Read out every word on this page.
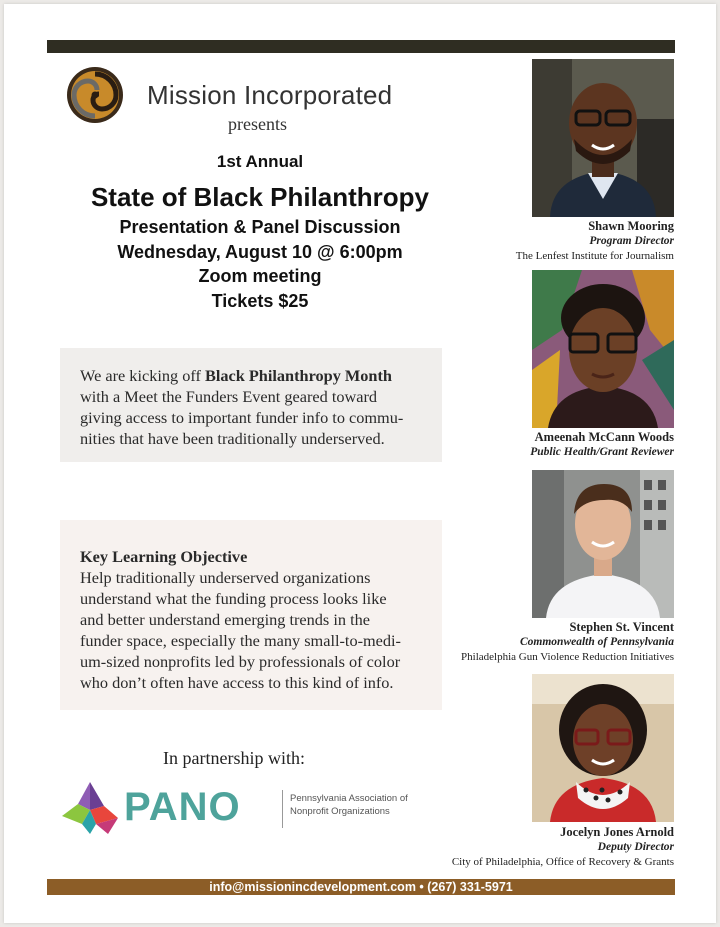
Mission Incorporated
presents
1st Annual
State of Black Philanthropy
Presentation & Panel Discussion
Wednesday, August 10 @ 6:00pm
Zoom meeting
Tickets $25
We are kicking off Black Philanthropy Month
with a Meet the Funders Event geared toward
giving access to important funder info to commu-
nities that have been traditionally underserved.
Key Learning Objective
Help traditionally underserved organizations
understand what the funding process looks like
and better understand emerging trends in the
funder space, especially the many small-to-medi-
um-sized nonprofits led by professionals of color
who don’t often have access to this kind of info.
In partnership with:
PANO	Pennsylvania Association of
Nonprofit Organizations
Shawn Mooring
Program Director
The Lenfest Institute for Journalism
Ameenah McCann Woods
Public Health/Grant Reviewer
Stephen St. Vincent
Commonwealth of Pennsylvania
Philadelphia Gun Violence Reduction Initiatives
Jocelyn Jones Arnold
Deputy Director
City of Philadelphia, Office of Recovery & Grants
info@missionincdevelopment.com • (267) 331-5971
